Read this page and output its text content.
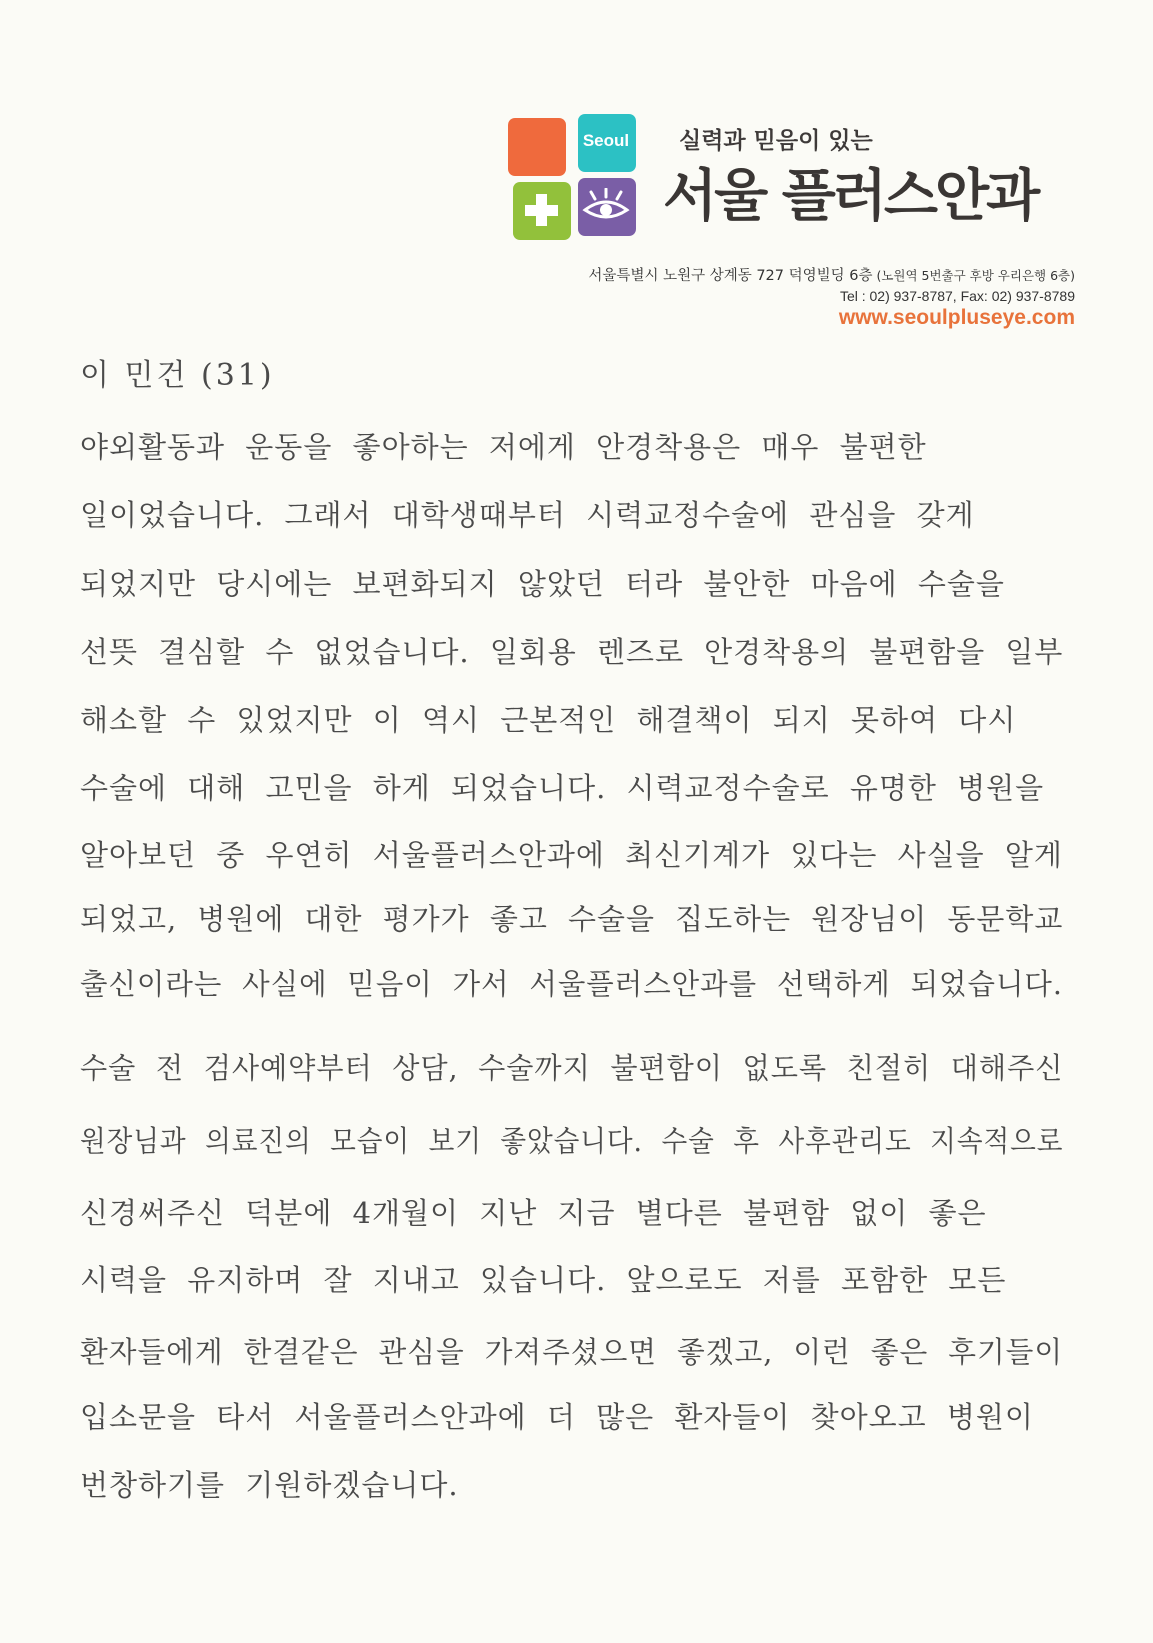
Seoul 실력과 믿음이 있는
서울 플러스안과
서울특별시 노원구 상계동 727 덕영빌딩 6층 (노원역 5번출구 후방 우리은행 6층)
Tel : 02) 937-8787, Fax: 02) 937-8789
www.seoulpluseye.com
이 민건 (31)
야외활동과 운동을 좋아하는 저에게 안경착용은 매우 불편한
일이었습니다. 그래서 대학생때부터 시력교정수술에 관심을 갖게
되었지만 당시에는 보편화되지 않았던 터라 불안한 마음에 수술을
선뜻 결심할 수 없었습니다. 일회용 렌즈로 안경착용의 불편함을 일부
해소할 수 있었지만 이 역시 근본적인 해결책이 되지 못하여 다시
수술에 대해 고민을 하게 되었습니다. 시력교정수술로 유명한 병원을
알아보던 중 우연히 서울플러스안과에 최신기계가 있다는 사실을 알게
되었고, 병원에 대한 평가가 좋고 수술을 집도하는 원장님이 동문학교
출신이라는 사실에 믿음이 가서 서울플러스안과를 선택하게 되었습니다.
수술 전 검사예약부터 상담, 수술까지 불편함이 없도록 친절히 대해주신
원장님과 의료진의 모습이 보기 좋았습니다. 수술 후 사후관리도 지속적으로
신경써주신 덕분에 4개월이 지난 지금 별다른 불편함 없이 좋은
시력을 유지하며 잘 지내고 있습니다. 앞으로도 저를 포함한 모든
환자들에게 한결같은 관심을 가져주셨으면 좋겠고, 이런 좋은 후기들이
입소문을 타서 서울플러스안과에 더 많은 환자들이 찾아오고 병원이
번창하기를 기원하겠습니다.
